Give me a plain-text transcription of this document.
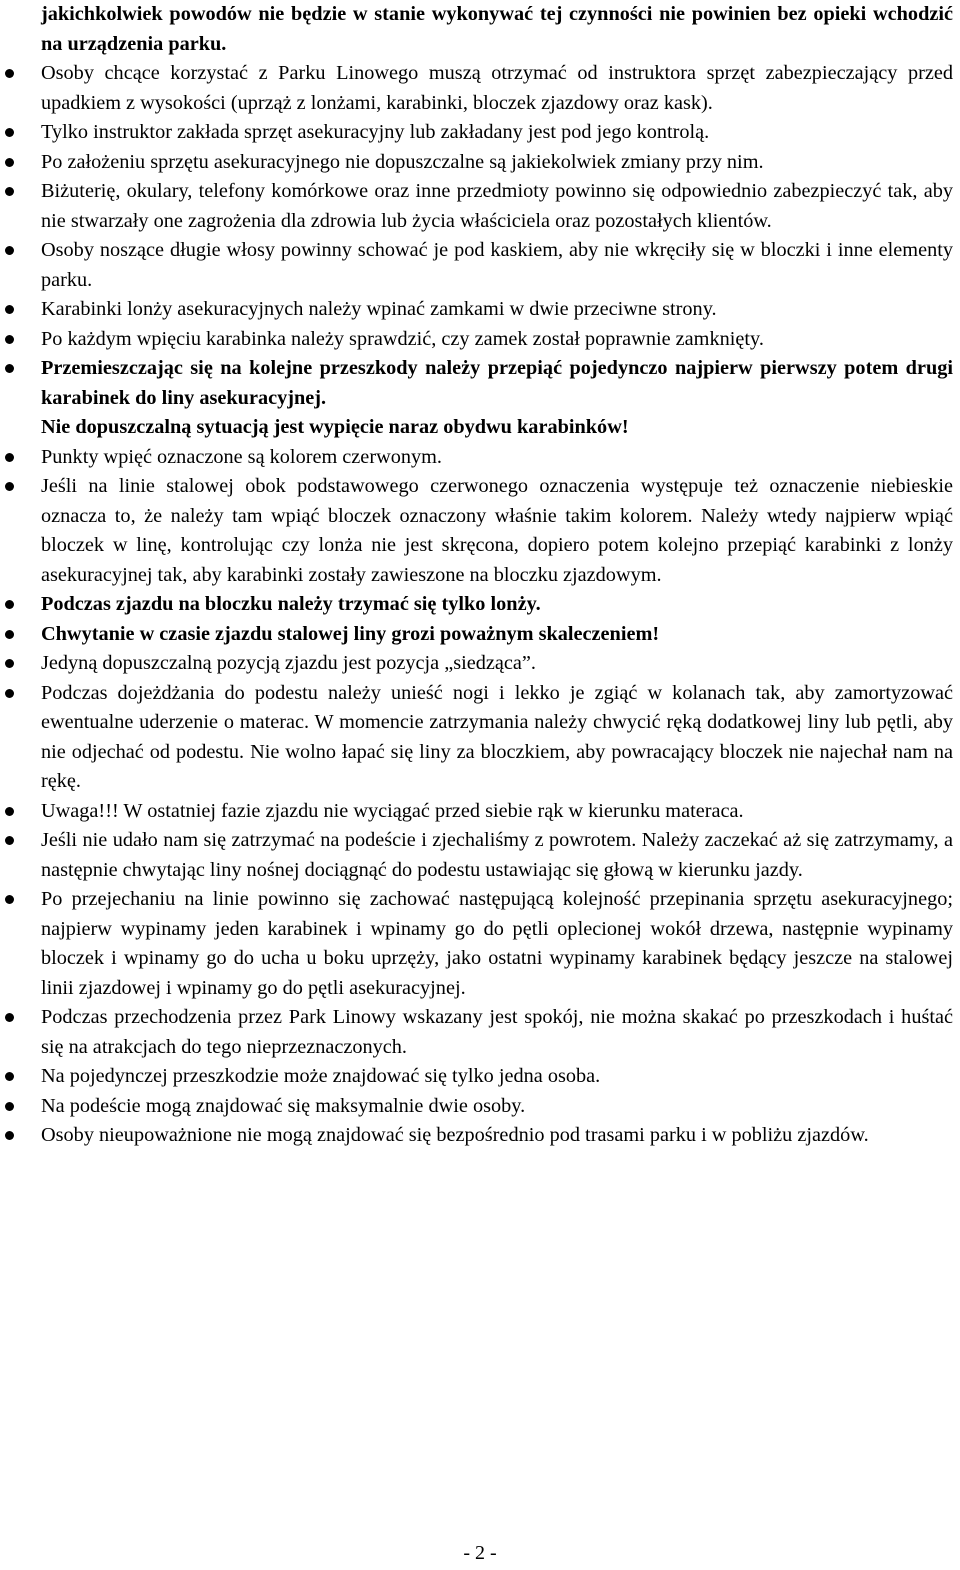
jakichkolwiek powodów nie będzie w stanie wykonywać tej czynności nie powinien bez opieki wchodzić na urządzenia parku.

Osoby chcące korzystać z Parku Linowego muszą otrzymać od instruktora sprzęt zabezpieczający przed upadkiem z wysokości (uprząż z lonżami, karabinki, bloczek zjazdowy oraz kask).
Tylko instruktor zakłada sprzęt asekuracyjny lub zakładany jest pod jego kontrolą.
Po założeniu sprzętu asekuracyjnego nie dopuszczalne są jakiekolwiek zmiany przy nim.
Biżuterię, okulary, telefony komórkowe oraz inne przedmioty powinno się odpowiednio zabezpieczyć tak, aby nie stwarzały one zagrożenia dla zdrowia lub życia właściciela oraz pozostałych klientów.
Osoby noszące długie włosy powinny schować je pod kaskiem, aby nie wkręciły się w bloczki i inne elementy parku.
Karabinki lonży asekuracyjnych należy wpinać zamkami w dwie przeciwne strony.
Po każdym wpięciu karabinka należy sprawdzić, czy zamek został poprawnie zamknięty.
Przemieszczając się na kolejne przeszkody należy przepiąć pojedynczo najpierw pierwszy potem drugi karabinek do liny asekuracyjnej.
Nie dopuszczalną sytuacją jest wypięcie naraz obydwu karabinków!
Punkty wpięć oznaczone są kolorem czerwonym.
Jeśli na linie stalowej obok podstawowego czerwonego oznaczenia występuje też oznaczenie niebieskie oznacza to, że należy tam wpiąć bloczek oznaczony właśnie takim kolorem. Należy wtedy najpierw wpiąć bloczek w linę, kontrolując czy lonża nie jest skręcona, dopiero potem kolejno przepiąć karabinki z lonży asekuracyjnej tak, aby karabinki zostały zawieszone na bloczku zjazdowym.
Podczas zjazdu na bloczku należy trzymać się tylko lonży.
Chwytanie w czasie zjazdu stalowej liny grozi poważnym skaleczeniem!
Jedyną dopuszczalną pozycją zjazdu jest pozycja „siedząca”.
Podczas dojeżdżania do podestu należy unieść nogi i lekko je zgiąć w kolanach tak, aby zamortyzować ewentualne uderzenie o materac. W momencie zatrzymania należy chwycić ręką dodatkowej liny lub pętli, aby nie odjechać od podestu. Nie wolno łapać się liny za bloczkiem, aby powracający bloczek nie najechał nam na rękę.
Uwaga!!! W ostatniej fazie zjazdu nie wyciągać przed siebie rąk w kierunku materaca.
Jeśli nie udało nam się zatrzymać na podeście i zjechaliśmy z powrotem. Należy zaczekać aż się zatrzymamy, a następnie chwytając liny nośnej dociągnąć do podestu ustawiając się głową w kierunku jazdy.
Po przejechaniu na linie powinno się zachować następującą kolejność przepinania sprzętu asekuracyjnego; najpierw wypinamy jeden karabinek i wpinamy go do pętli oplecionej wokół drzewa, następnie wypinamy bloczek i wpinamy go do ucha u boku uprzęży, jako ostatni wypinamy karabinek będący jeszcze na stalowej linii zjazdowej i wpinamy go do pętli asekuracyjnej.
Podczas przechodzenia przez Park Linowy wskazany jest spokój, nie można skakać po przeszkodach i huśtać się na atrakcjach do tego nieprzeznaczonych.
Na pojedynczej przeszkodzie może znajdować się tylko jedna osoba.
Na podeście mogą znajdować się maksymalnie dwie osoby.
Osoby nieupoważnione nie mogą znajdować się bezpośrednio pod trasami parku i w pobliżu zjazdów.
- 2 -
